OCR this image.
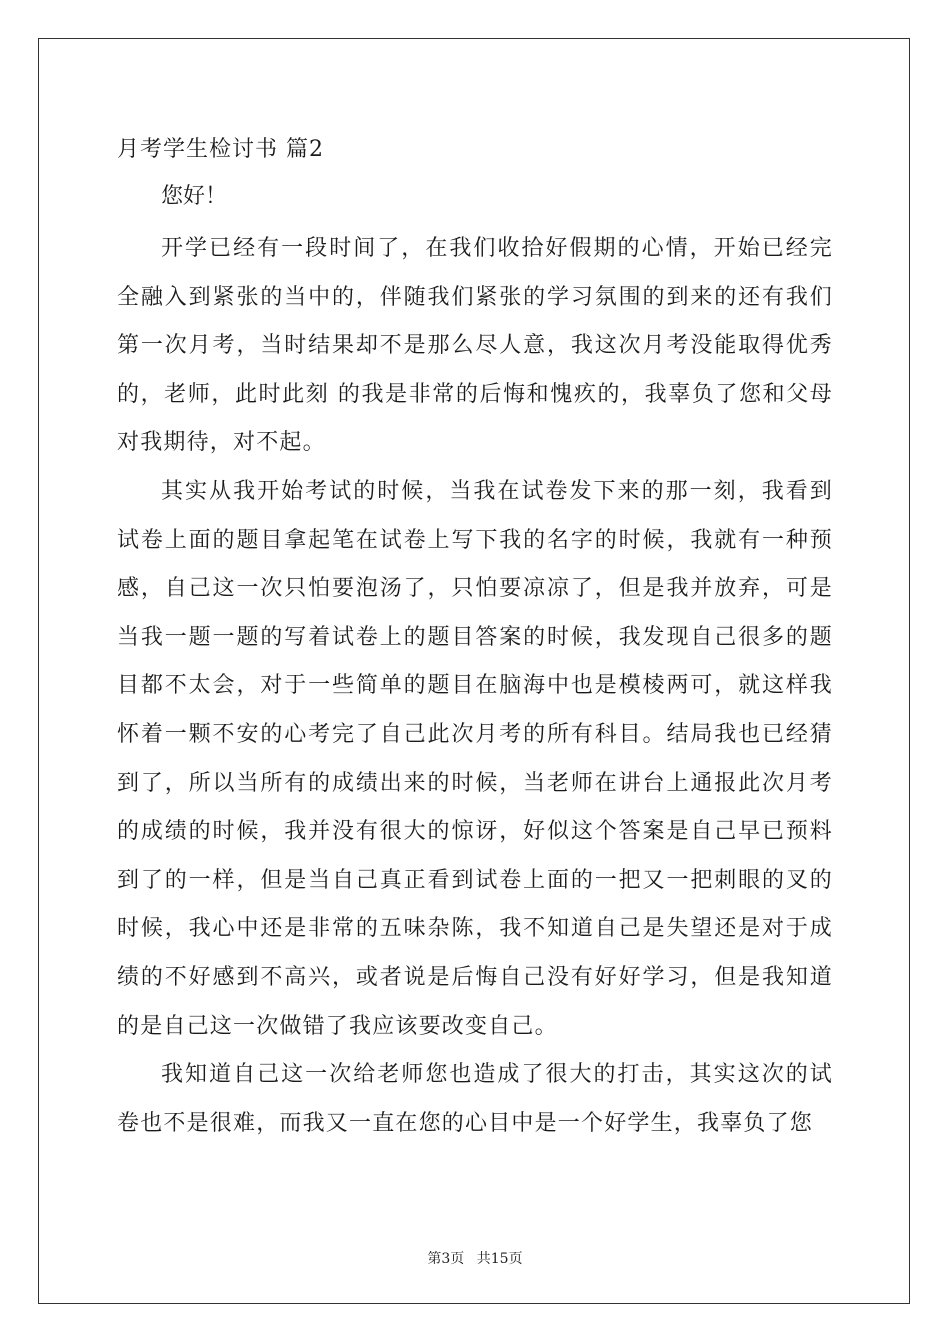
月考学生检讨书 篇2

您好！

开学已经有一段时间了，在我们收拾好假期的心情，开始已经完全融入到紧张的当中的，伴随我们紧张的学习氛围的到来的还有我们第一次月考，当时结果却不是那么尽人意，我这次月考没能取得优秀的，老师，此时此刻 的我是非常的后悔和愧疚的，我辜负了您和父母对我期待，对不起。

其实从我开始考试的时候，当我在试卷发下来的那一刻，我看到试卷上面的题目拿起笔在试卷上写下我的名字的时候，我就有一种预感，自己这一次只怕要泡汤了，只怕要凉凉了，但是我并放弃，可是当我一题一题的写着试卷上的题目答案的时候，我发现自己很多的题目都不太会，对于一些简单的题目在脑海中也是模棱两可，就这样我怀着一颗不安的心考完了自己此次月考的所有科目。结局我也已经猜到了，所以当所有的成绩出来的时候，当老师在讲台上通报此次月考的成绩的时候，我并没有很大的惊讶，好似这个答案是自己早已预料到了的一样，但是当自己真正看到试卷上面的一把又一把刺眼的叉的时候，我心中还是非常的五味杂陈，我不知道自己是失望还是对于成绩的不好感到不高兴，或者说是后悔自己没有好好学习，但是我知道的是自己这一次做错了我应该要改变自己。

我知道自己这一次给老师您也造成了很大的打击，其实这次的试卷也不是很难，而我又一直在您的心目中是一个好学生，我辜负了您

第3页 共15页
